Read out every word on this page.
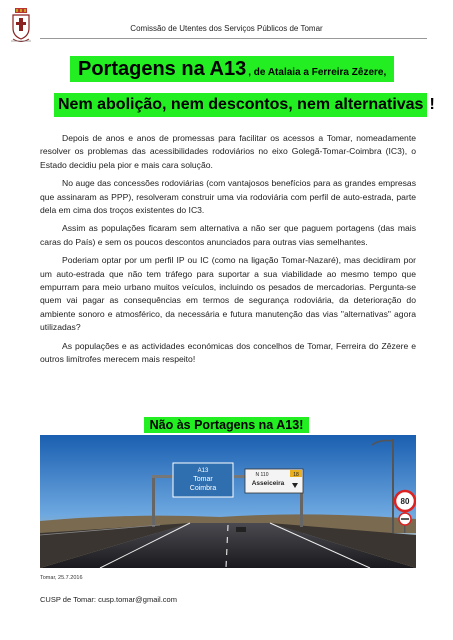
Comissão de Utentes dos Serviços Públicos de Tomar
Portagens na A13 , de Atalaia a Ferreira Zêzere,
Nem abolição, nem descontos, nem alternativas !

Depois de anos e anos de promessas para facilitar os acessos a Tomar, nomeadamente resolver os problemas das acessibilidades rodoviários no eixo Golegã-Tomar-Coimbra (IC3), o Estado decidiu pela pior e mais cara solução.

No auge das concessões rodoviárias (com vantajosos benefícios para as grandes empresas que assinaram as PPP), resolveram construir uma via rodoviária com perfil de auto-estrada, parte dela em cima dos troços existentes do IC3.

Assim as populações ficaram sem alternativa a não ser que paguem portagens (das mais caras do País) e sem os poucos descontos anunciados para outras vias semelhantes.

Poderiam optar por um perfil IP ou IC (como na ligação Tomar-Nazaré), mas decidiram por um auto-estrada que não tem tráfego para suportar a sua viabilidade ao mesmo tempo que empurram para meio urbano muitos veículos, incluindo os pesados de mercadorias. Pergunta-se quem vai pagar as consequências em termos de segurança rodoviária, da deterioração do ambiente sonoro e atmosférico, da necessária e futura manutenção das vias "alternativas" agora utilizadas?

As populações e as actividades económicas dos concelhos de Tomar, Ferreira do Zêzere e outros limítrofes merecem mais respeito!

Não às Portagens na A13!
A13
Tomar
Coimbra
N 110	18
Asseiceira
80
Tomar, 25.7.2016
CUSP de Tomar: cusp.tomar@gmail.com
